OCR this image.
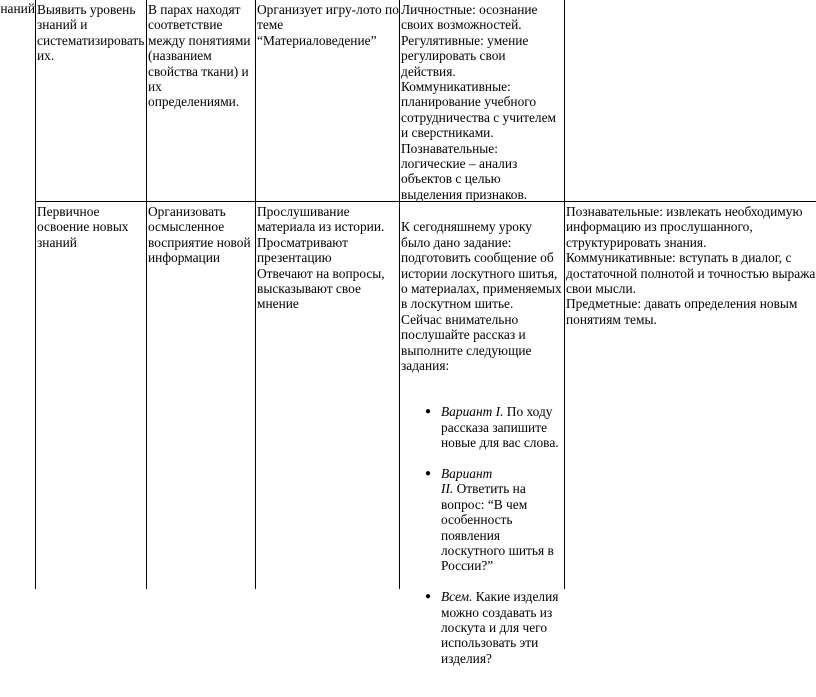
наний Выявить уровень
знаний и
систематизировать
их.
В парах находят
соответствие
между понятиями
(названием
свойства ткани) и
их
определениями.
Организует игру-лото по
теме
“Материаловедение”
Личностные: осознание
своих возможностей.
Регулятивные: умение
регулировать свои
действия.
Коммуникативные:
планирование учебного
сотрудничества с учителем
и сверстниками.
Познавательные:
логические – анализ
объектов с целью
выделения признаков.
Первичное
освоение новых
знаний
Организовать
осмысленное
восприятие новой
информации
Прослушивание
материала из истории.
Просматривают
презентацию
Отвечают на вопросы,
высказывают свое
мнение

К сегодняшнему уроку
было дано задание:
подготовить сообщение об
истории лоскутного шитья,
о материалах, применяемых
в лоскутном шитье.
Сейчас внимательно
послушайте рассказ и
выполните следующие
задания:

● Вариант I. По ходу
рассказа запишите
новые для вас слова.

● Вариант
II. Ответить на
вопрос: “В чем
особенность
появления
лоскутного шитья в
России?”

● Всем. Какие изделия
можно создавать из
лоскута и для чего
использовать эти
изделия?

Познавательные: извлекать необходимую
информацию из прослушанного,
структурировать знания.
Коммуникативные: вступать в диалог, с
достаточной полнотой и точностью выража
свои мысли.
Предметные: давать определения новым
понятиям темы.
